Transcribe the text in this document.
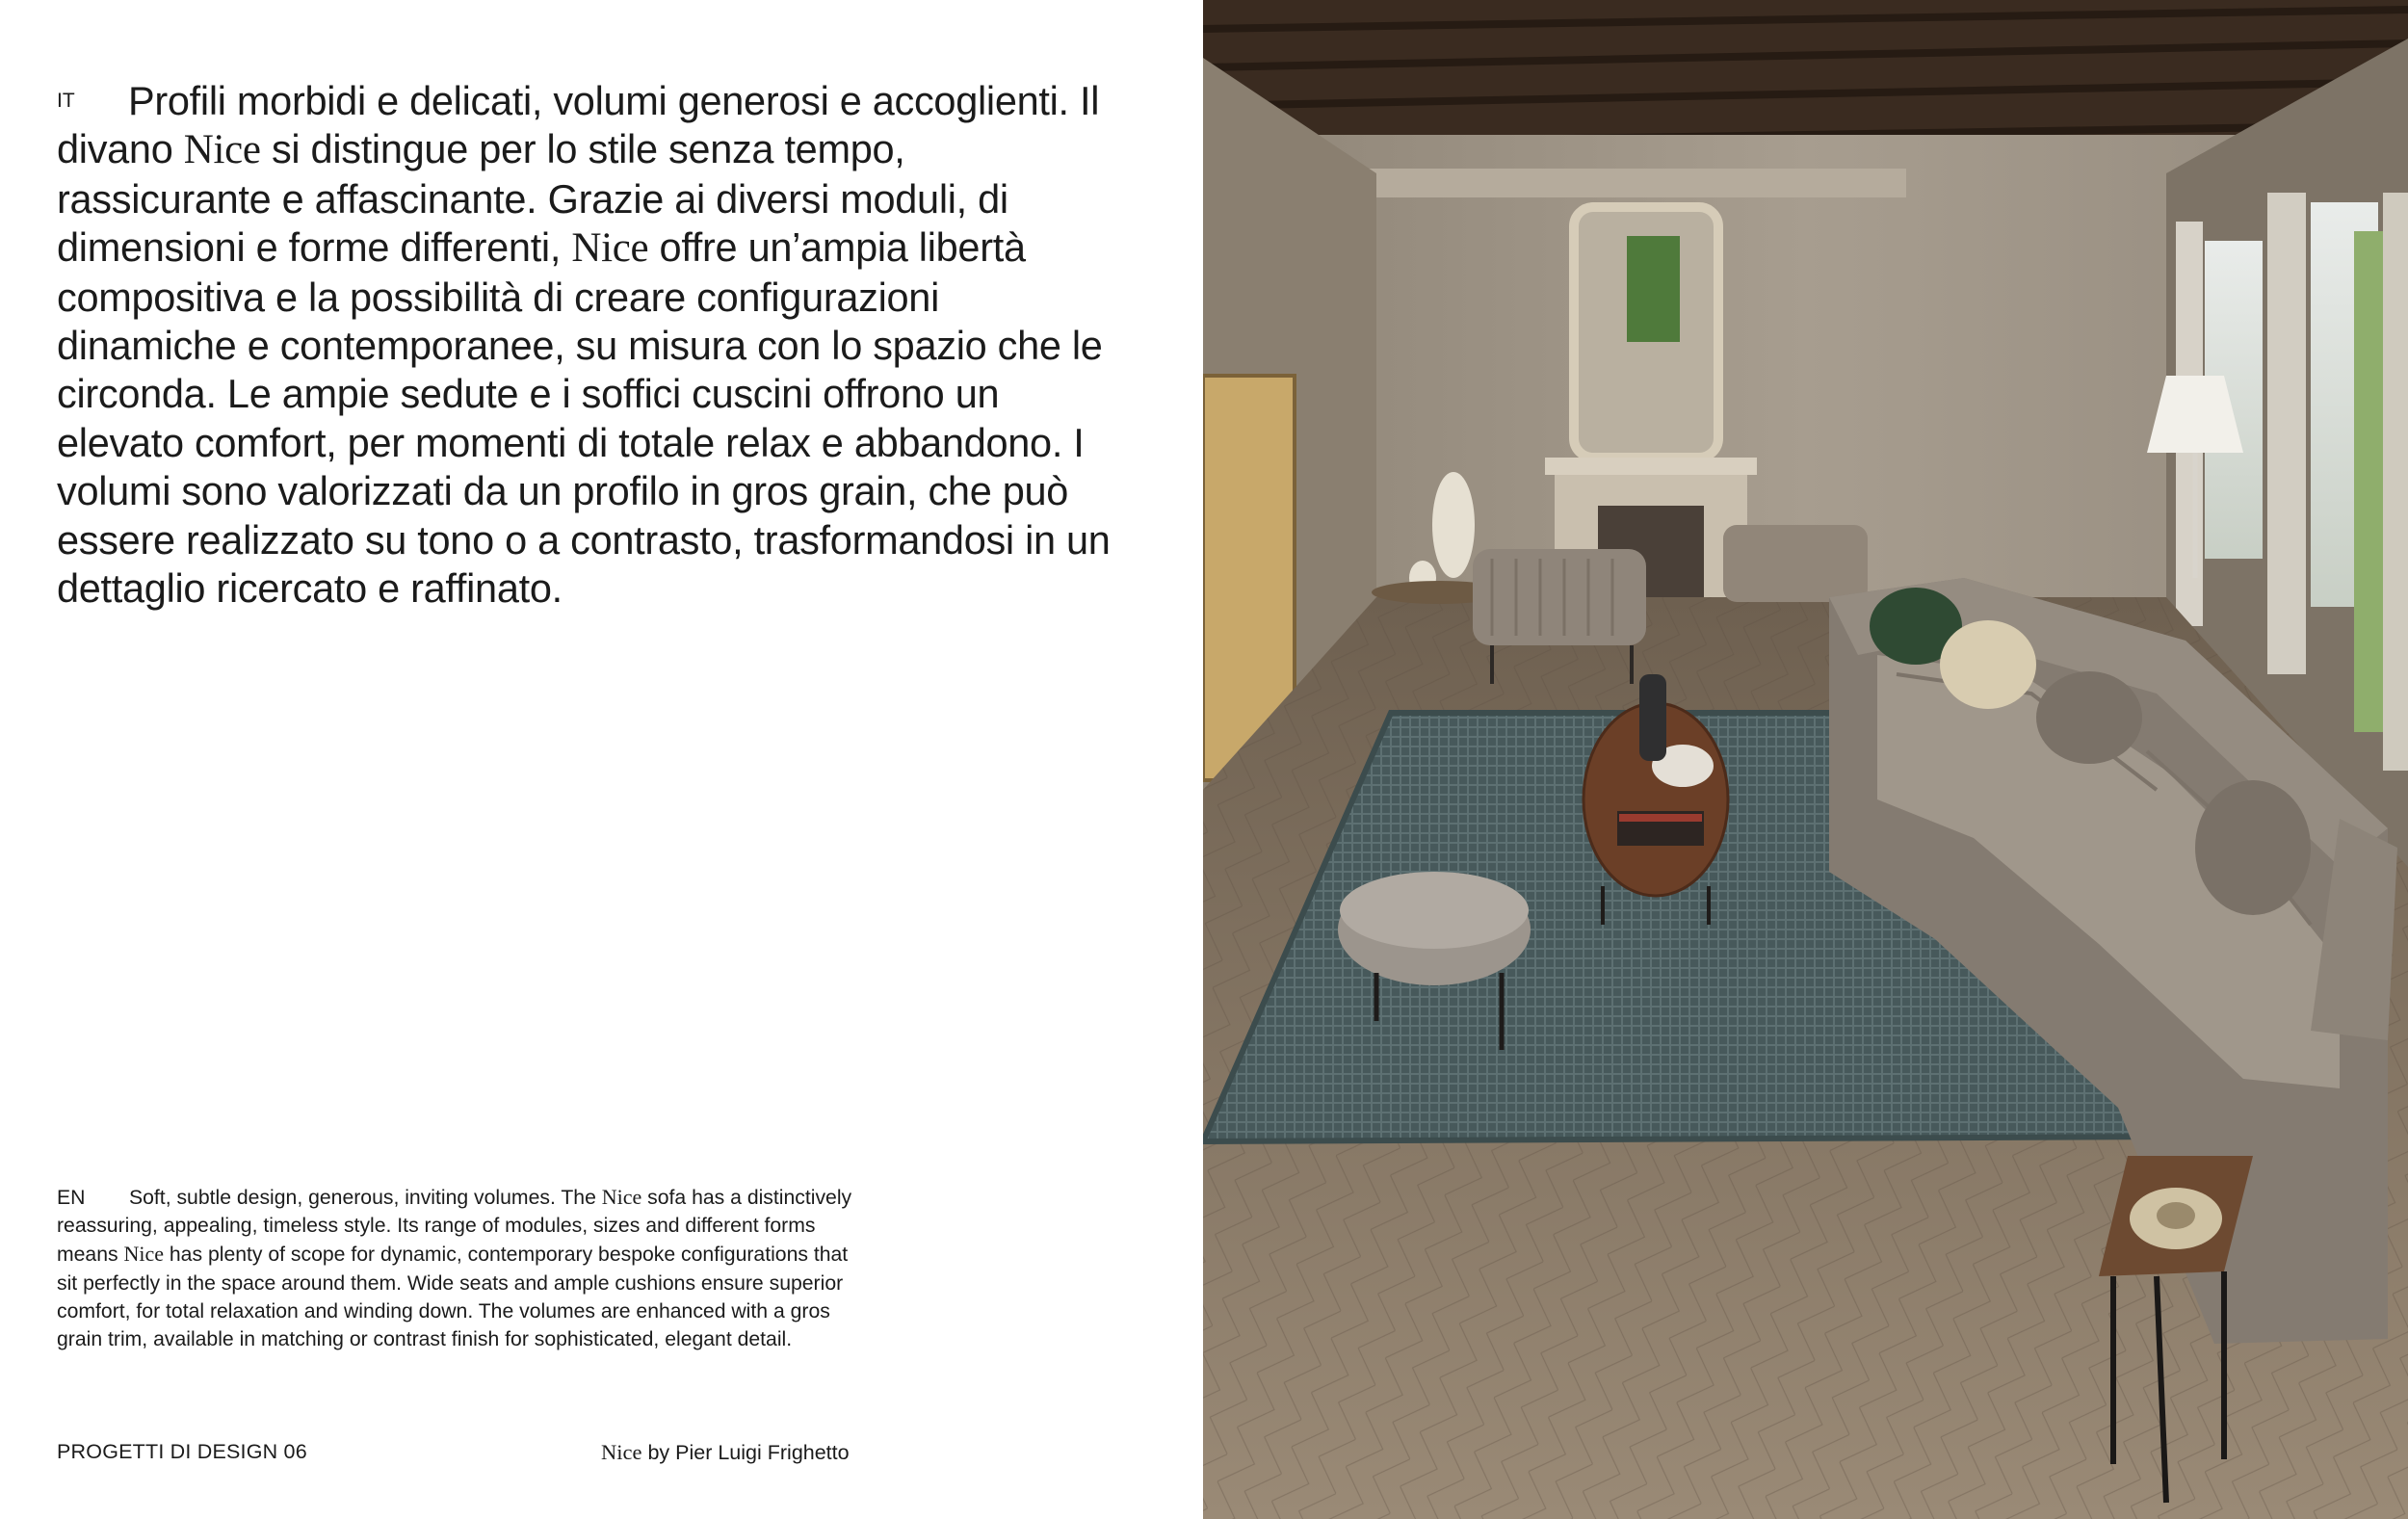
IT Profili morbidi e delicati, volumi generosi e accoglienti. Il divano Nice si distingue per lo stile senza tempo, rassicurante e affascinante. Grazie ai diversi moduli, di dimensioni e forme differenti, Nice offre un’ampia libertà compositiva e la possibilità di creare configurazioni dinamiche e contemporanee, su misura con lo spazio che le circonda. Le ampie sedute e i soffici cuscini offrono un elevato comfort, per momenti di totale relax e abbandono. I volumi sono valorizzati da un profilo in gros grain, che può essere realizzato su tono o a contrasto, trasformandosi in un dettaglio ricercato e raffinato.

EN Soft, subtle design, generous, inviting volumes. The Nice sofa has a distinctively reassuring, appealing, timeless style. Its range of modules, sizes and different forms means Nice has plenty of scope for dynamic, contemporary bespoke configurations that sit perfectly in the space around them. Wide seats and ample cushions ensure superior comfort, for total relaxation and winding down. The volumes are enhanced with a gros grain trim, available in matching or contrast finish for sophisticated, elegant detail.

PROGETTI DI DESIGN 06	Nice by Pier Luigi Frighetto
